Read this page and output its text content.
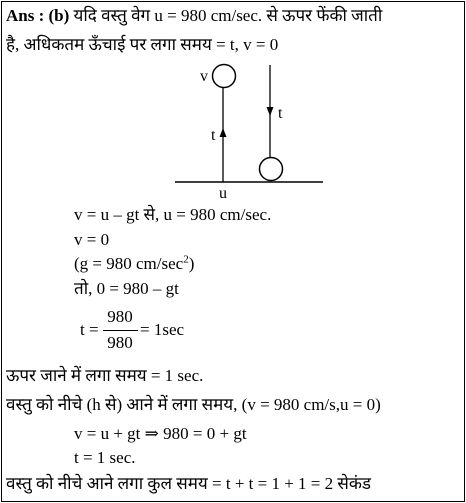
Ans : (b) यदि वस्तु वेग u = 980 cm/sec. से ऊपर फेंकी जाती
है, अधिकतम ऊँचाई पर लगा समय = t, v = 0
v
t
t
u
v = u – gt से, u = 980 cm/sec.
v = 0
(g = 980 $cm/\sec^2$)
तो, 0 = 980 – gt
t =
980
980
= 1sec
ऊपर जाने में लगा समय = 1 sec.
वस्तु को नीचे (h से) आने में लगा समय, (v = 980 cm/s,u = 0)
v = u + gt ⇒ 980 = 0 + gt
t = 1 sec.
वस्तु को नीचे आने लगा कुल समय = t + t = 1 + 1 = 2 सेकंड
